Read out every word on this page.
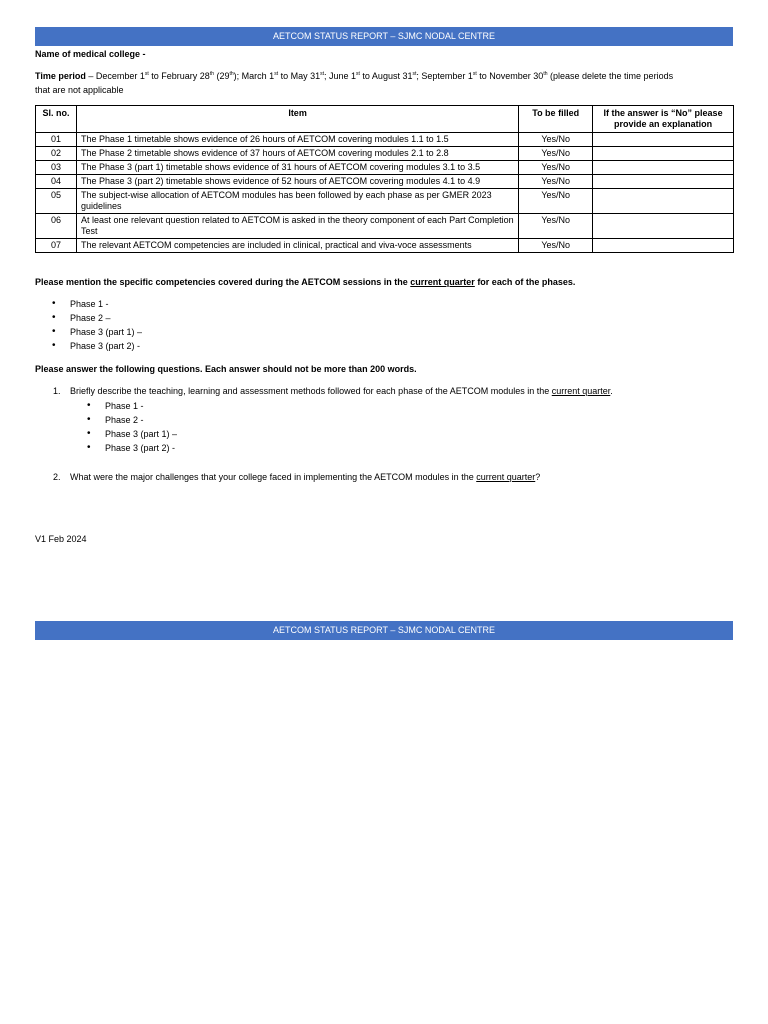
AETCOM STATUS REPORT – SJMC NODAL CENTRE
Name of medical college -
Time period – December 1st to February 28th (29th); March 1st to May 31st; June 1st to August 31st; September 1st to November 30th (please delete the time periods
that are not applicable
Sl. no.	Item	To be filled	If the answer is “No” please provide an explanation
01	The Phase 1 timetable shows evidence of 26 hours of AETCOM covering modules 1.1 to 1.5	Yes/No	
02	The Phase 2 timetable shows evidence of 37 hours of AETCOM covering modules 2.1 to 2.8	Yes/No	
03	The Phase 3 (part 1) timetable shows evidence of 31 hours of AETCOM covering modules 3.1 to 3.5	Yes/No	
04	The Phase 3 (part 2) timetable shows evidence of 52 hours of AETCOM covering modules 4.1 to 4.9	Yes/No	
05	The subject-wise allocation of AETCOM modules has been followed by each phase as per GMER 2023 guidelines	Yes/No	
06	At least one relevant question related to AETCOM is asked in the theory component of each Part Completion Test	Yes/No	
07	The relevant AETCOM competencies are included in clinical, practical and viva-voce assessments	Yes/No	
Please mention the specific competencies covered during the AETCOM sessions in the current quarter for each of the phases.
• Phase 1 -
• Phase 2 –
• Phase 3 (part 1) –
• Phase 3 (part 2) -
Please answer the following questions. Each answer should not be more than 200 words.
1. Briefly describe the teaching, learning and assessment methods followed for each phase of the AETCOM modules in the current quarter.
• Phase 1 -
• Phase 2 -
• Phase 3 (part 1) –
• Phase 3 (part 2) -
2. What were the major challenges that your college faced in implementing the AETCOM modules in the current quarter?
V1 Feb 2024
AETCOM STATUS REPORT – SJMC NODAL CENTRE
